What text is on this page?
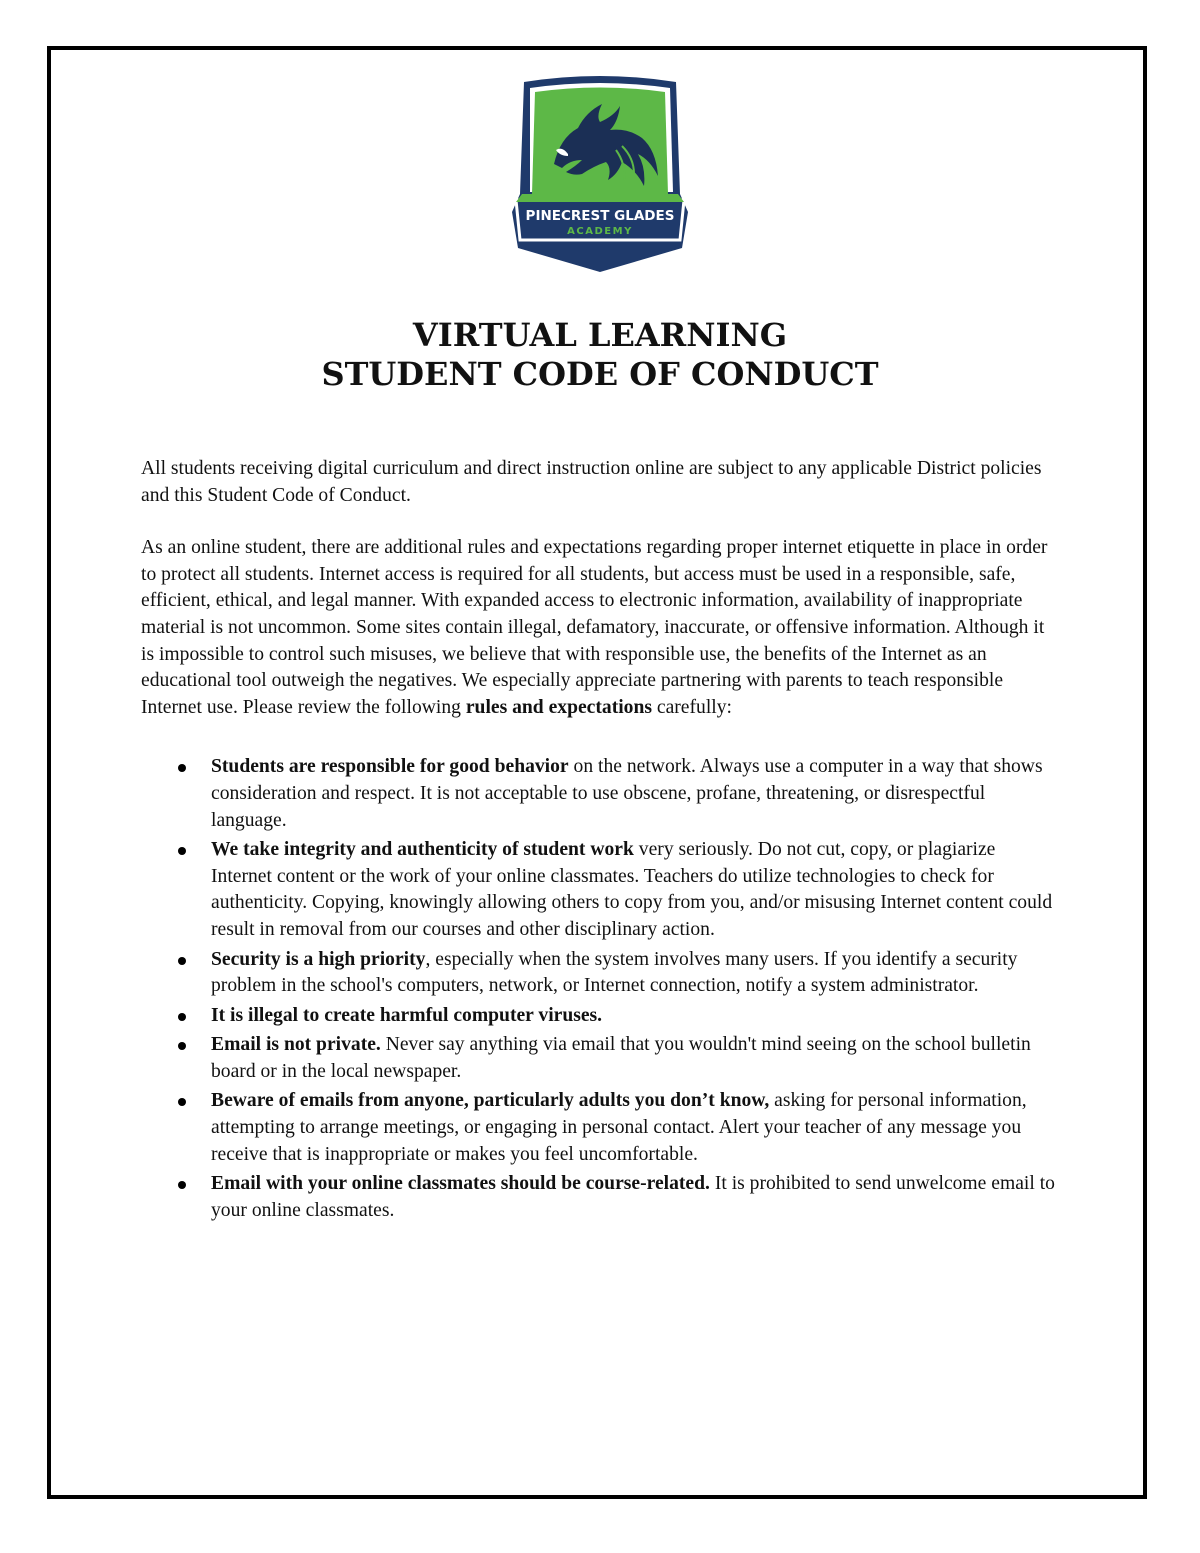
PINECREST GLADES
ACADEMY
VIRTUAL LEARNING
STUDENT CODE OF CONDUCT

All students receiving digital curriculum and direct instruction online are subject to any applicable District policies and this Student Code of Conduct.

As an online student, there are additional rules and expectations regarding proper internet etiquette in place in order to protect all students. Internet access is required for all students, but access must be used in a responsible, safe, efficient, ethical, and legal manner. With expanded access to electronic information, availability of inappropriate material is not uncommon. Some sites contain illegal, defamatory, inaccurate, or offensive information. Although it is impossible to control such misuses, we believe that with responsible use, the benefits of the Internet as an educational tool outweigh the negatives. We especially appreciate partnering with parents to teach responsible Internet use. Please review the following rules and expectations carefully:

Students are responsible for good behavior on the network. Always use a computer in a way that shows consideration and respect. It is not acceptable to use obscene, profane, threatening, or disrespectful language.
We take integrity and authenticity of student work very seriously. Do not cut, copy, or plagiarize Internet content or the work of your online classmates. Teachers do utilize technologies to check for authenticity. Copying, knowingly allowing others to copy from you, and/or misusing Internet content could result in removal from our courses and other disciplinary action.
Security is a high priority, especially when the system involves many users. If you identify a security problem in the school's computers, network, or Internet connection, notify a system administrator.
It is illegal to create harmful computer viruses.
Email is not private. Never say anything via email that you wouldn't mind seeing on the school bulletin board or in the local newspaper.
Beware of emails from anyone, particularly adults you don’t know, asking for personal information, attempting to arrange meetings, or engaging in personal contact. Alert your teacher of any message you receive that is inappropriate or makes you feel uncomfortable.
Email with your online classmates should be course-related. It is prohibited to send unwelcome email to your online classmates.
